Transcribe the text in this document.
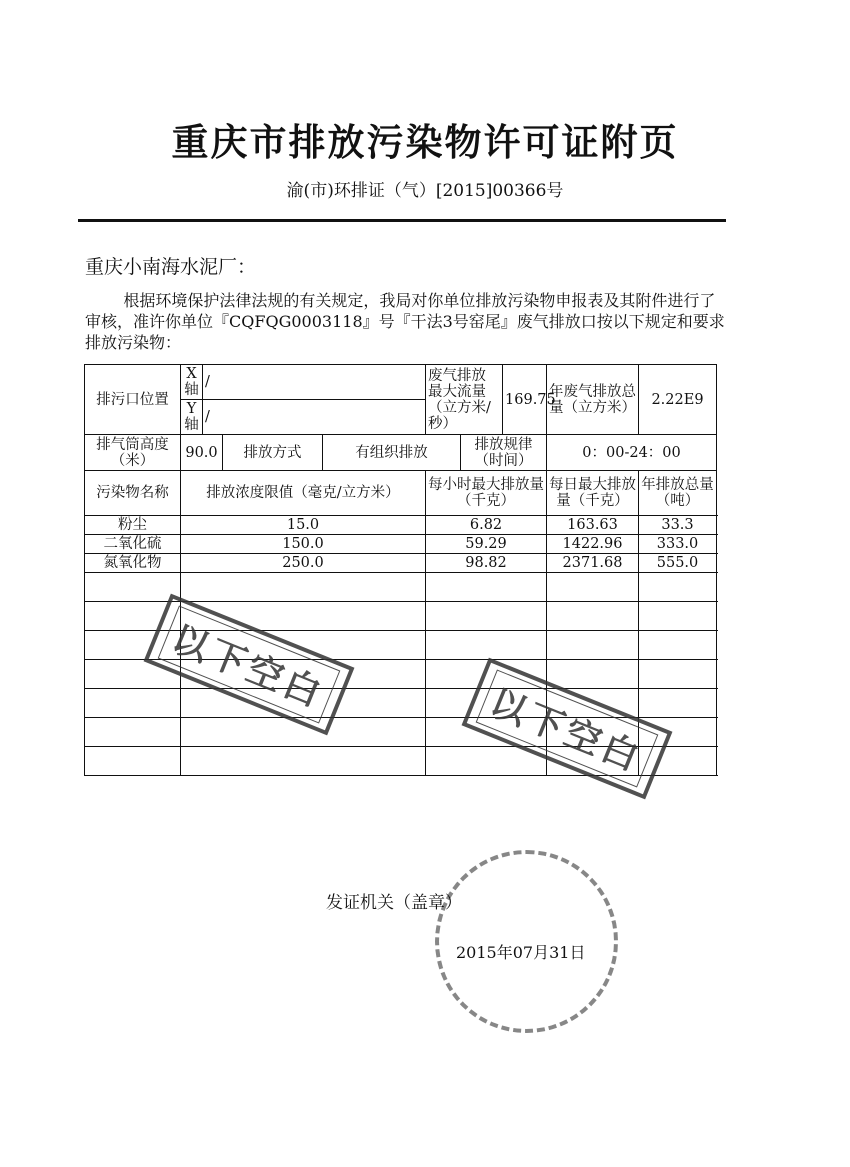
重庆市排放污染物许可证附页
渝(市)环排证（气）[2015]00366号
重庆小南海水泥厂：
根据环境保护法律法规的有关规定，我局对你单位排放污染物申报表及其附件进行了审核，准许你单位『CQFQG0003118』号『干法3号窑尾』废气排放口按以下规定和要求排放污染物：
排污口位置	X轴	/			废气排放最大流量（立方米/秒）		169.75	年废气排放总量（立方米）	2.22E9
	Y轴	/							
排气筒高度（米）	90.0		排放方式	有组织排放		排放规律（时间）		0：00-24：00	
污染物名称	排放浓度限值（毫克/立方米）				每小时最大排放量（千克）			每日最大排放量（千克）	年排放总量（吨）
粉尘	15.0				6.82			163.63	33.3
二氧化硫	150.0				59.29			1422.96	333.0
氮氧化物	250.0				98.82			2371.68	555.0

以下空白
以下空白
发证机关（盖章）
2015年07月31日
